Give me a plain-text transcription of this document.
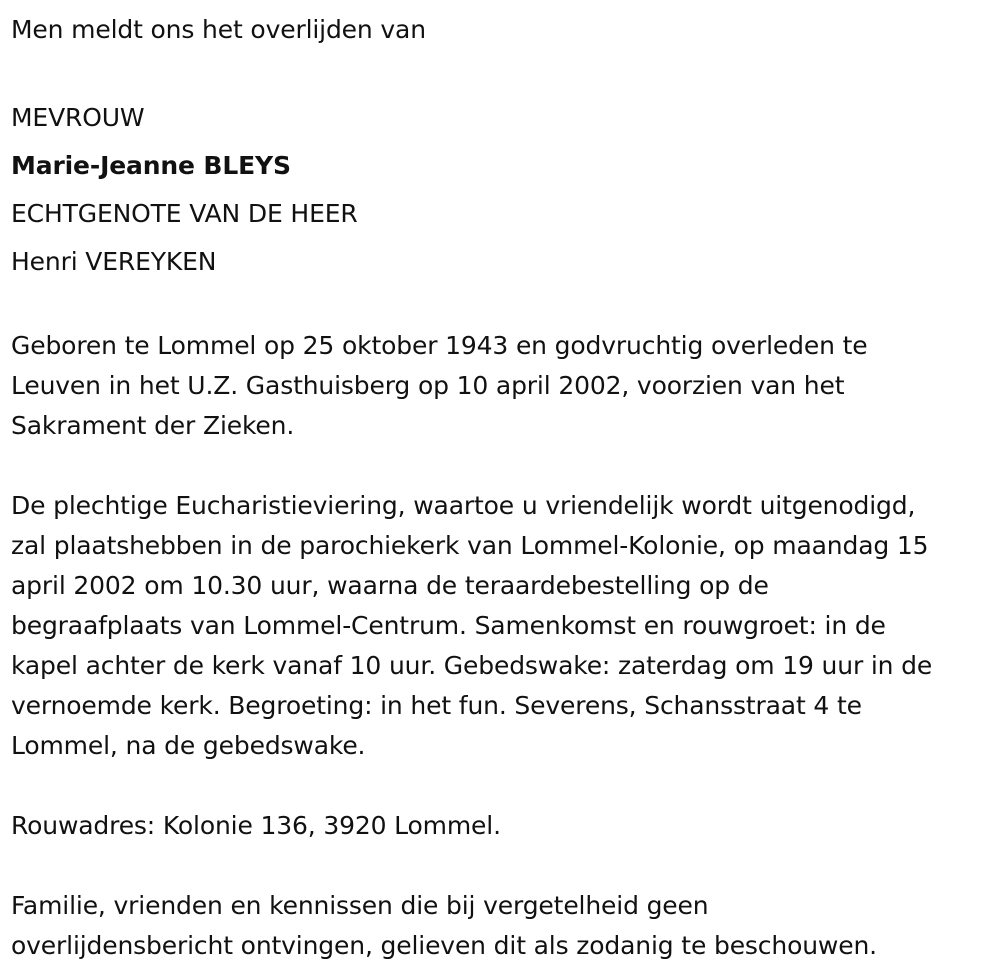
Men meldt ons het overlijden van

MEVROUW

Marie-Jeanne BLEYS

ECHTGENOTE VAN DE HEER

Henri VEREYKEN

Geboren te Lommel op 25 oktober 1943 en godvruchtig overleden te

Leuven in het U.Z. Gasthuisberg op 10 april 2002, voorzien van het

Sakrament der Zieken.

De plechtige Eucharistieviering, waartoe u vriendelijk wordt uitgenodigd,

zal plaatshebben in de parochiekerk van Lommel-Kolonie, op maandag 15

april 2002 om 10.30 uur, waarna de teraardebestelling op de

begraafplaats van Lommel-Centrum. Samenkomst en rouwgroet: in de

kapel achter de kerk vanaf 10 uur. Gebedswake: zaterdag om 19 uur in de

vernoemde kerk. Begroeting: in het fun. Severens, Schansstraat 4 te

Lommel, na de gebedswake.

Rouwadres: Kolonie 136, 3920 Lommel.

Familie, vrienden en kennissen die bij vergetelheid geen

overlijdensbericht ontvingen, gelieven dit als zodanig te beschouwen.
